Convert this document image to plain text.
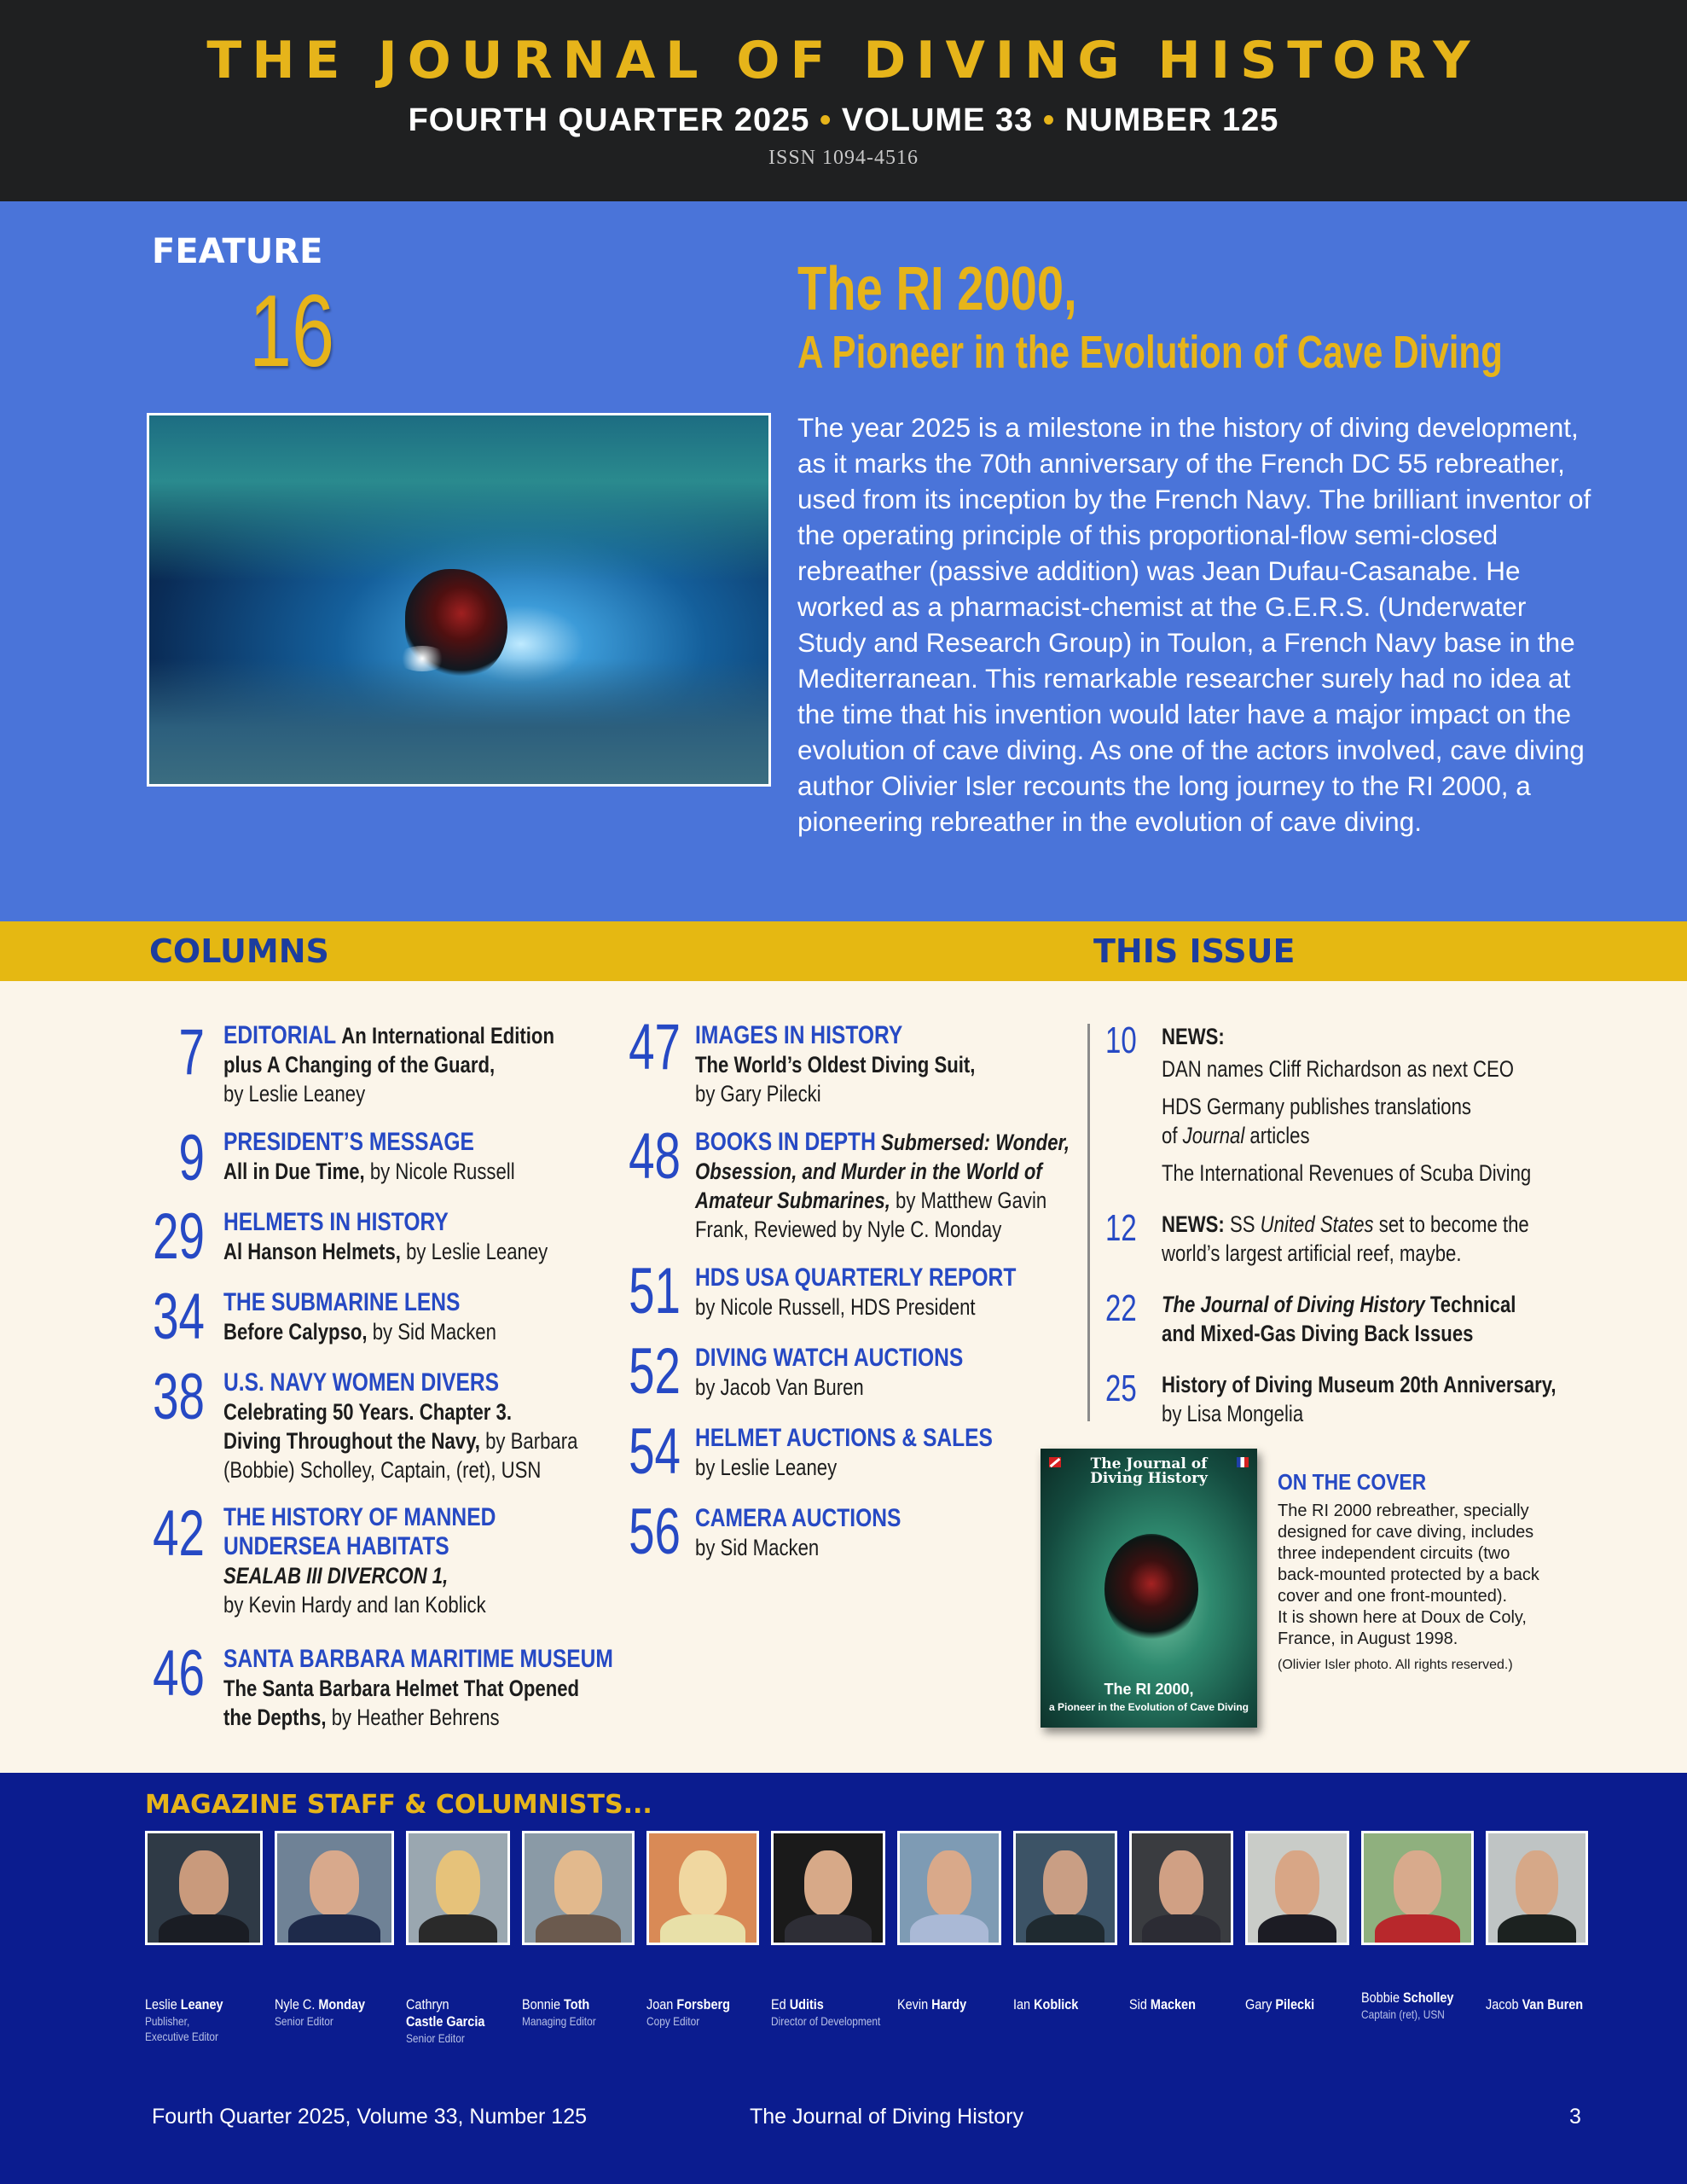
THE JOURNAL OF DIVING HISTORY
FOURTH QUARTER 2025 • VOLUME 33 • NUMBER 125
ISSN 1094-4516
FEATURE
16	The RI 2000,
A Pioneer in the Evolution of Cave Diving

The year 2025 is a milestone in the history of diving development, as it marks the 70th anniversary of the French DC 55 rebreather, used from its inception by the French Navy. The brilliant inventor of the operating principle of this proportional-flow semi-closed rebreather (passive addition) was Jean Dufau-Casanabe. He worked as a pharmacist-chemist at the G.E.R.S. (Underwater Study and Research Group) in Toulon, a French Navy base in the Mediterranean. This remarkable researcher surely had no idea at the time that his invention would later have a major impact on the evolution of cave diving. As one of the actors involved, cave diving author Olivier Isler recounts the long journey to the RI 2000, a pioneering rebreather in the evolution of cave diving.

COLUMNS	THIS ISSUE
7 EDITORIAL An International Edition
plus A Changing of the Guard,
by Leslie Leaney
9 PRESIDENT’S MESSAGE
All in Due Time, by Nicole Russell
29 HELMETS IN HISTORY
Al Hanson Helmets, by Leslie Leaney
34 THE SUBMARINE LENS
Before Calypso, by Sid Macken
38 U.S. NAVY WOMEN DIVERS
Celebrating 50 Years. Chapter 3.
Diving Throughout the Navy, by Barbara
(Bobbie) Scholley, Captain, (ret), USN
42 THE HISTORY OF MANNED
UNDERSEA HABITATS
SEALAB III DIVERCON 1,
by Kevin Hardy and Ian Koblick
46 SANTA BARBARA MARITIME MUSEUM
The Santa Barbara Helmet That Opened
the Depths, by Heather Behrens
47 IMAGES IN HISTORY
The World’s Oldest Diving Suit,
by Gary Pilecki
48 BOOKS IN DEPTH Submersed: Wonder,
Obsession, and Murder in the World of
Amateur Submarines, by Matthew Gavin
Frank, Reviewed by Nyle C. Monday
51 HDS USA QUARTERLY REPORT
by Nicole Russell, HDS President
52 DIVING WATCH AUCTIONS
by Jacob Van Buren
54 HELMET AUCTIONS & SALES
by Leslie Leaney
56 CAMERA AUCTIONS
by Sid Macken
10 NEWS:
DAN names Cliff Richardson as next CEO
HDS Germany publishes translations
of Journal articles
The International Revenues of Scuba Diving
12 NEWS: SS United States set to become the
world’s largest artificial reef, maybe.
22 The Journal of Diving History Technical
and Mixed-Gas Diving Back Issues
25 History of Diving Museum 20th Anniversary,
by Lisa Mongelia
The Journal of
Diving History
The RI 2000,
a Pioneer in the Evolution of Cave Diving
ON THE COVER
The RI 2000 rebreather, specially
designed for cave diving, includes
three independent circuits (two
back-mounted protected by a back
cover and one front-mounted).
It is shown here at Doux de Coly,
France, in August 1998.
(Olivier Isler photo. All rights reserved.)
MAGAZINE STAFF & COLUMNISTS...
Leslie Leaney
Publisher,
Executive Editor
Nyle C. Monday
Senior Editor
Cathryn
Castle Garcia
Senior Editor
Bonnie Toth
Managing Editor
Joan Forsberg
Copy Editor
Ed Uditis
Director of Development
Kevin Hardy	Ian Koblick	Sid Macken	Gary Pilecki	Bobbie Scholley
Captain (ret), USN
Jacob Van Buren
Fourth Quarter 2025, Volume 33, Number 125	The Journal of Diving History	3
